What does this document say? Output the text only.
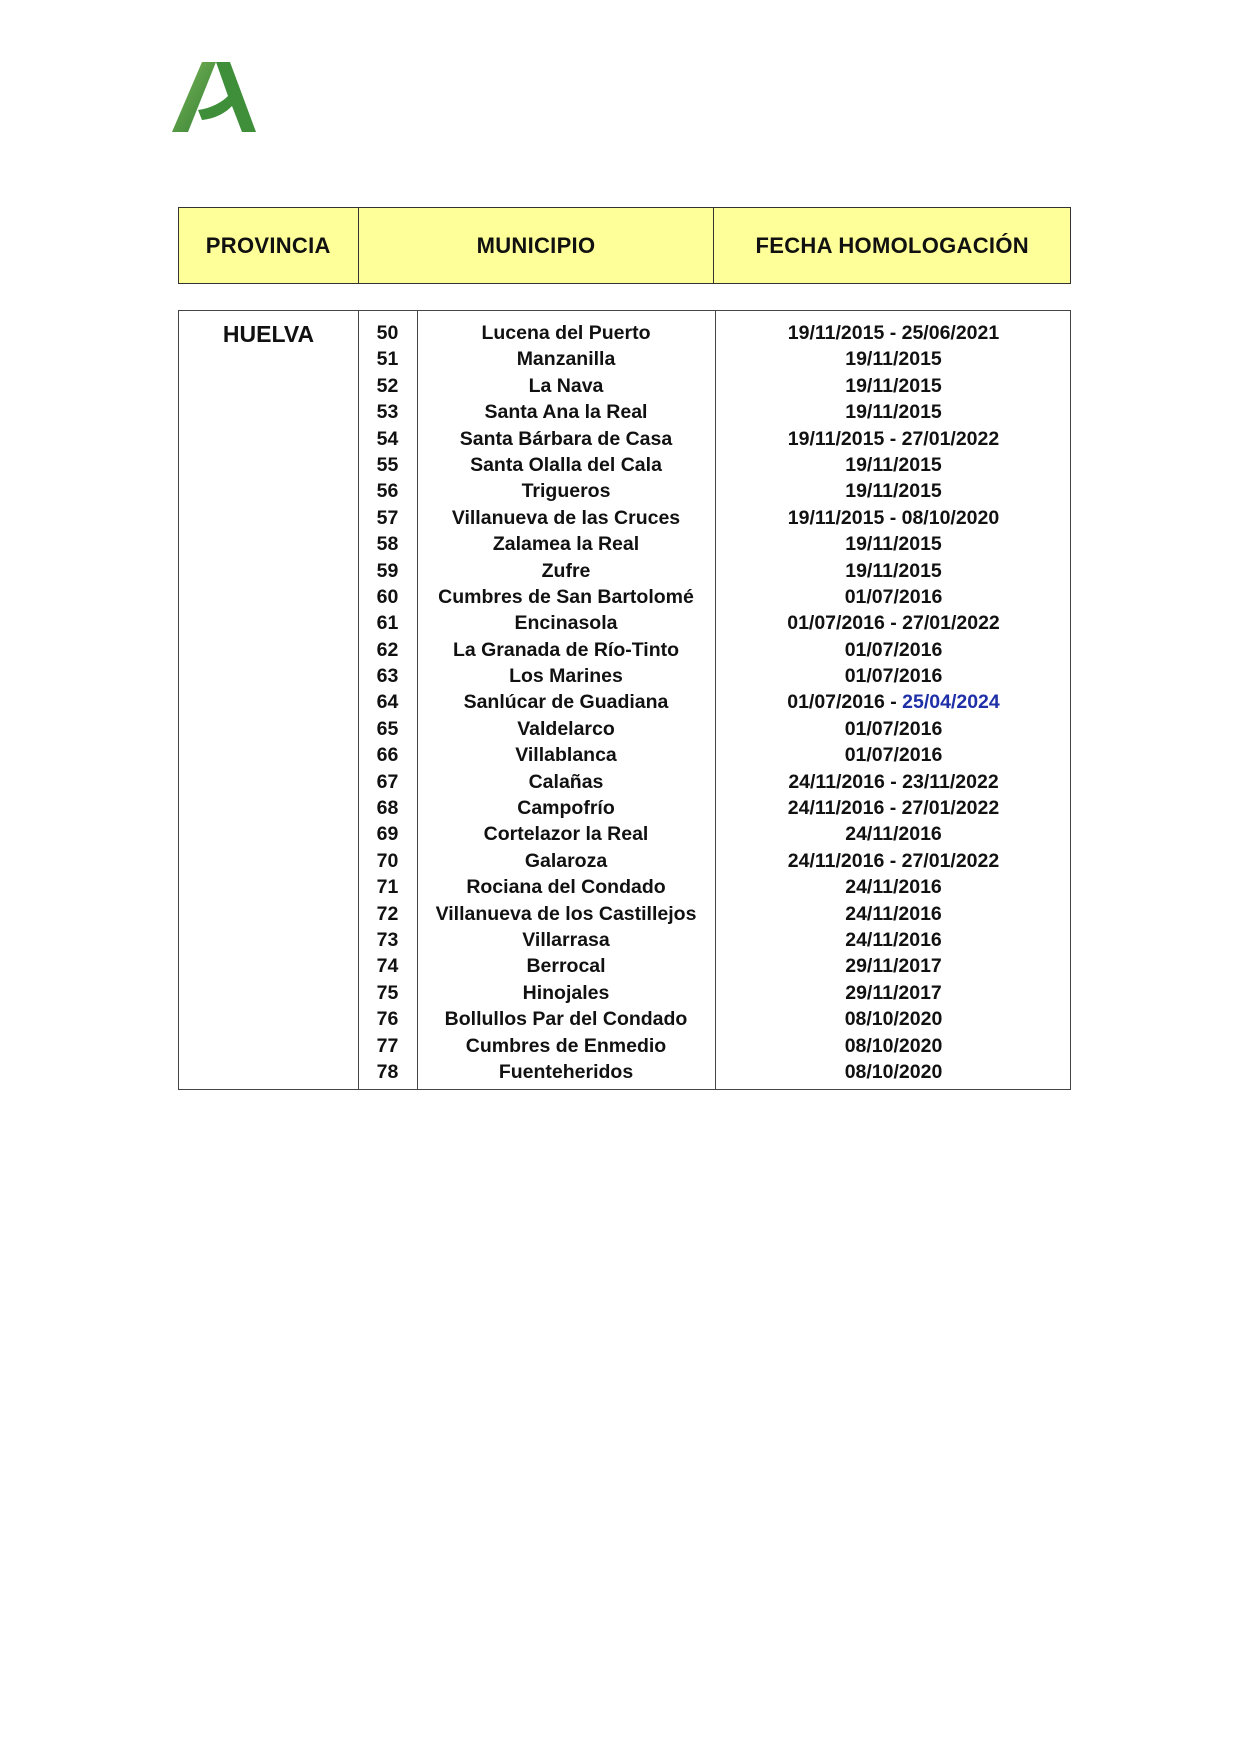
PROVINCIA	MUNICIPIO	FECHA HOMOLOGACIÓN
HUELVA	50	Lucena del Puerto	19/11/2015 - 25/06/2021
51	Manzanilla	19/11/2015
52	La Nava	19/11/2015
53	Santa Ana la Real	19/11/2015
54	Santa Bárbara de Casa	19/11/2015 - 27/01/2022
55	Santa Olalla del Cala	19/11/2015
56	Trigueros	19/11/2015
57	Villanueva de las Cruces	19/11/2015 - 08/10/2020
58	Zalamea la Real	19/11/2015
59	Zufre	19/11/2015
60	Cumbres de San Bartolomé	01/07/2016
61	Encinasola	01/07/2016 - 27/01/2022
62	La Granada de Río-Tinto	01/07/2016
63	Los Marines	01/07/2016
64	Sanlúcar de Guadiana	01/07/2016 - 25/04/2024
65	Valdelarco	01/07/2016
66	Villablanca	01/07/2016
67	Calañas	24/11/2016 - 23/11/2022
68	Campofrío	24/11/2016 - 27/01/2022
69	Cortelazor la Real	24/11/2016
70	Galaroza	24/11/2016 - 27/01/2022
71	Rociana del Condado	24/11/2016
72	Villanueva de los Castillejos	24/11/2016
73	Villarrasa	24/11/2016
74	Berrocal	29/11/2017
75	Hinojales	29/11/2017
76	Bollullos Par del Condado	08/10/2020
77	Cumbres de Enmedio	08/10/2020
78	Fuenteheridos	08/10/2020
